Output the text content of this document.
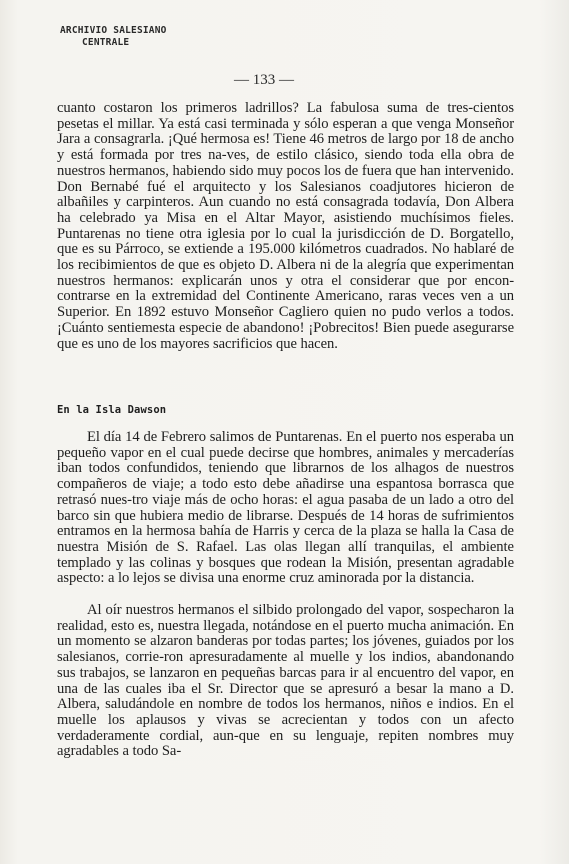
ARCHIVIO SALESIANO
CENTRALE
— 133 —

cuanto costaron los primeros ladrillos? La fabulosa suma de tres-cientos pesetas el millar. Ya está casi terminada y sólo esperan a que venga Monseñor Jara a consagrarla. ¡Qué hermosa es! Tiene 46 metros de largo por 18 de ancho y está formada por tres na-ves, de estilo clásico, siendo toda ella obra de nuestros hermanos, habiendo sido muy pocos los de fuera que han intervenido. Don Bernabé fué el arquitecto y los Salesianos coadjutores hicieron de albañiles y carpinteros. Aun cuando no está consagrada todavía, Don Albera ha celebrado ya Misa en el Altar Mayor, asistiendo muchísimos fieles. Puntarenas no tiene otra iglesia por lo cual la jurisdicción de D. Borgatello, que es su Párroco, se extiende a 195.000 kilómetros cuadrados. No hablaré de los recibimientos de que es objeto D. Albera ni de la alegría que experimentan nuestros hermanos: explicarán unos y otra el considerar que por encon-contrarse en la extremidad del Continente Americano, raras veces ven a un Superior. En 1892 estuvo Monseñor Cagliero quien no pudo verlos a todos. ¡Cuánto sentiemesta especie de abandono! ¡Pobrecitos! Bien puede asegurarse que es uno de los mayores sacrificios que hacen.

En la Isla Dawson

El día 14 de Febrero salimos de Puntarenas. En el puerto nos esperaba un pequeño vapor en el cual puede decirse que hombres, animales y mercaderías iban todos confundidos, teniendo que librarnos de los alhagos de nuestros compañeros de viaje; a todo esto debe añadirse una espantosa borrasca que retrasó nues-tro viaje más de ocho horas: el agua pasaba de un lado a otro del barco sin que hubiera medio de librarse. Después de 14 horas de sufrimientos entramos en la hermosa bahía de Harris y cerca de la plaza se halla la Casa de nuestra Misión de S. Rafael. Las olas llegan allí tranquilas, el ambiente templado y las colinas y bosques que rodean la Misión, presentan agradable aspecto: a lo lejos se divisa una enorme cruz aminorada por la distancia.

Al oír nuestros hermanos el silbido prolongado del vapor, sospecharon la realidad, esto es, nuestra llegada, notándose en el puerto mucha animación. En un momento se alzaron banderas por todas partes; los jóvenes, guiados por los salesianos, corrie-ron apresuradamente al muelle y los indios, abandonando sus trabajos, se lanzaron en pequeñas barcas para ir al encuentro del vapor, en una de las cuales iba el Sr. Director que se apresuró a besar la mano a D. Albera, saludándole en nombre de todos los hermanos, niños e indios. En el muelle los aplausos y vivas se acrecientan y todos con un afecto verdaderamente cordial, aun-que en su lenguaje, repiten nombres muy agradables a todo Sa-
